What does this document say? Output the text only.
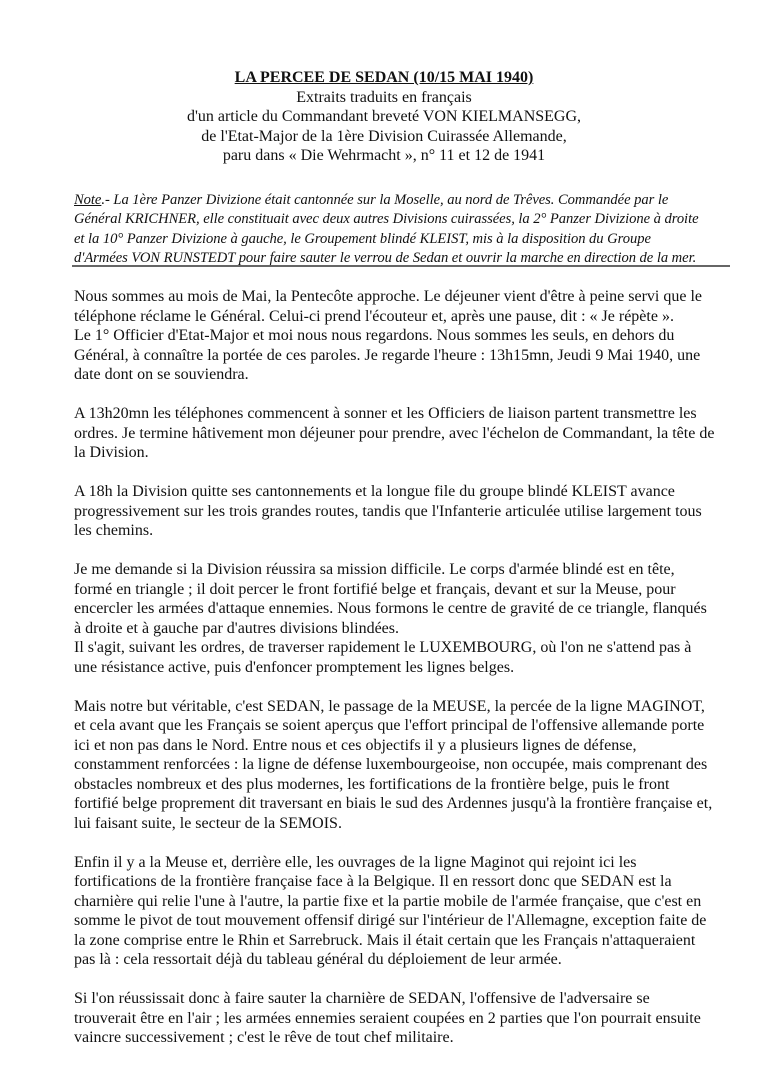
LA PERCEE DE SEDAN (10/15 MAI 1940)
Extraits traduits en français
d'un article du Commandant breveté VON KIELMANSEGG,
de l'Etat-Major de la 1ère Division Cuirassée Allemande,
paru dans « Die Wehrmacht », n° 11 et 12 de 1941
Note.- La 1ère Panzer Divizione était cantonnée sur la Moselle, au nord de Trêves. Commandée par le
Général KRICHNER, elle constituait avec deux autres Divisions cuirassées, la 2° Panzer Divizione à droite
et la 10° Panzer Divizione à gauche, le Groupement blindé KLEIST, mis à la disposition du Groupe
d'Armées VON RUNSTEDT pour faire sauter le verrou de Sedan et ouvrir la marche en direction de la mer.

Nous sommes au mois de Mai, la Pentecôte approche. Le déjeuner vient d'être à peine servi que le
téléphone réclame le Général. Celui-ci prend l'écouteur et, après une pause, dit : « Je répète ».
Le 1° Officier d'Etat-Major et moi nous nous regardons. Nous sommes les seuls, en dehors du
Général, à connaître la portée de ces paroles. Je regarde l'heure : 13h15mn, Jeudi 9 Mai 1940, une
date dont on se souviendra.

A 13h20mn les téléphones commencent à sonner et les Officiers de liaison partent transmettre les
ordres. Je termine hâtivement mon déjeuner pour prendre, avec l'échelon de Commandant, la tête de
la Division.

A 18h la Division quitte ses cantonnements et la longue file du groupe blindé KLEIST avance
progressivement sur les trois grandes routes, tandis que l'Infanterie articulée utilise largement tous
les chemins.

Je me demande si la Division réussira sa mission difficile. Le corps d'armée blindé est en tête,
formé en triangle ; il doit percer le front fortifié belge et français, devant et sur la Meuse, pour
encercler les armées d'attaque ennemies. Nous formons le centre de gravité de ce triangle, flanqués
à droite et à gauche par d'autres divisions blindées.
Il s'agit, suivant les ordres, de traverser rapidement le LUXEMBOURG, où l'on ne s'attend pas à
une résistance active, puis d'enfoncer promptement les lignes belges.

Mais notre but véritable, c'est SEDAN, le passage de la MEUSE, la percée de la ligne MAGINOT,
et cela avant que les Français se soient aperçus que l'effort principal de l'offensive allemande porte
ici et non pas dans le Nord. Entre nous et ces objectifs il y a plusieurs lignes de défense,
constamment renforcées : la ligne de défense luxembourgeoise, non occupée, mais comprenant des
obstacles nombreux et des plus modernes, les fortifications de la frontière belge, puis le front
fortifié belge proprement dit traversant en biais le sud des Ardennes jusqu'à la frontière française et,
lui faisant suite, le secteur de la SEMOIS.

Enfin il y a la Meuse et, derrière elle, les ouvrages de la ligne Maginot qui rejoint ici les
fortifications de la frontière française face à la Belgique. Il en ressort donc que SEDAN est la
charnière qui relie l'une à l'autre, la partie fixe et la partie mobile de l'armée française, que c'est en
somme le pivot de tout mouvement offensif dirigé sur l'intérieur de l'Allemagne, exception faite de
la zone comprise entre le Rhin et Sarrebruck. Mais il était certain que les Français n'attaqueraient
pas là : cela ressortait déjà du tableau général du déploiement de leur armée.

Si l'on réussissait donc à faire sauter la charnière de SEDAN, l'offensive de l'adversaire se
trouverait être en l'air ; les armées ennemies seraient coupées en 2 parties que l'on pourrait ensuite
vaincre successivement ; c'est le rêve de tout chef militaire.
